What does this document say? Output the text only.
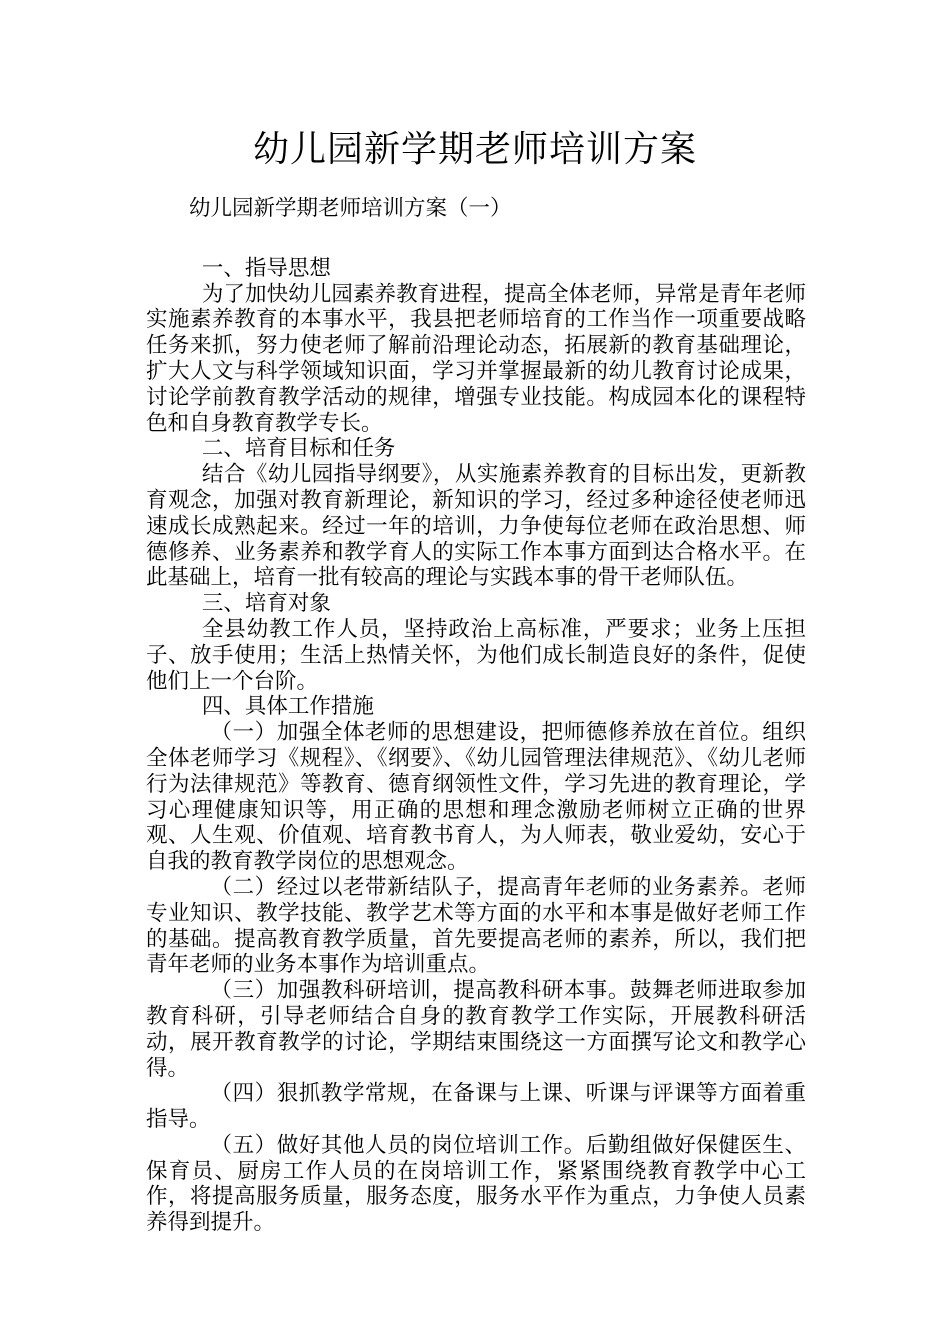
幼儿园新学期老师培训方案

幼儿园新学期老师培训方案（一）

一、指导思想

为了加快幼儿园素养教育进程，提高全体老师，异常是青年老师实施素养教育的本事水平，我县把老师培育的工作当作一项重要战略任务来抓，努力使老师了解前沿理论动态，拓展新的教育基础理论，扩大人文与科学领域知识面，学习并掌握最新的幼儿教育讨论成果，讨论学前教育教学活动的规律，增强专业技能。构成园本化的课程特色和自身教育教学专长。

二、培育目标和任务

结合《幼儿园指导纲要》，从实施素养教育的目标出发，更新教育观念，加强对教育新理论，新知识的学习，经过多种途径使老师迅速成长成熟起来。经过一年的培训，力争使每位老师在政治思想、师德修养、业务素养和教学育人的实际工作本事方面到达合格水平。在此基础上，培育一批有较高的理论与实践本事的骨干老师队伍。

三、培育对象

全县幼教工作人员，坚持政治上高标准，严要求；业务上压担子、放手使用；生活上热情关怀，为他们成长制造良好的条件，促使他们上一个台阶。

四、具体工作措施

（一）加强全体老师的思想建设，把师德修养放在首位。组织全体老师学习《规程》、《纲要》、《幼儿园管理法律规范》、《幼儿老师行为法律规范》等教育、德育纲领性文件，学习先进的教育理论，学习心理健康知识等，用正确的思想和理念激励老师树立正确的世界观、人生观、价值观、培育教书育人，为人师表，敬业爱幼，安心于自我的教育教学岗位的思想观念。

（二）经过以老带新结队子，提高青年老师的业务素养。老师专业知识、教学技能、教学艺术等方面的水平和本事是做好老师工作的基础。提高教育教学质量，首先要提高老师的素养，所以，我们把青年老师的业务本事作为培训重点。

（三）加强教科研培训，提高教科研本事。鼓舞老师进取参加教育科研，引导老师结合自身的教育教学工作实际，开展教科研活动，展开教育教学的讨论，学期结束围绕这一方面撰写论文和教学心得。

（四）狠抓教学常规，在备课与上课、听课与评课等方面着重指导。

（五）做好其他人员的岗位培训工作。后勤组做好保健医生、保育员、厨房工作人员的在岗培训工作，紧紧围绕教育教学中心工作，将提高服务质量，服务态度，服务水平作为重点，力争使人员素养得到提升。
